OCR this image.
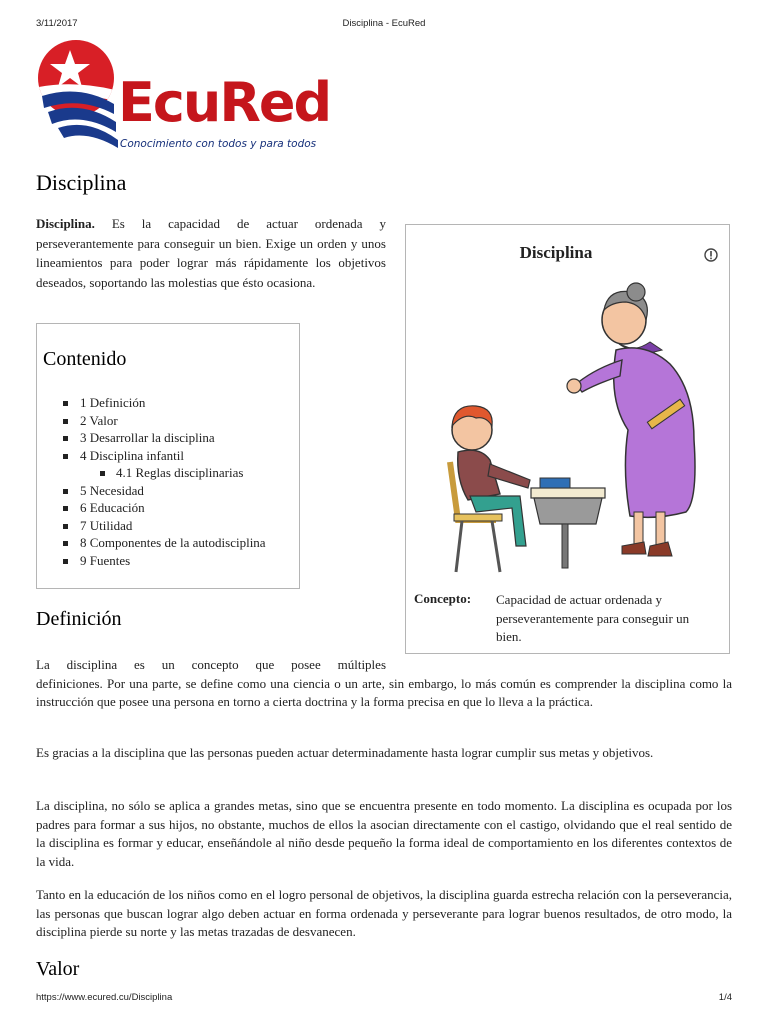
3/11/2017	Disciplina - EcuRed
EcuRed
Conocimiento con todos y para todos
Disciplina
Disciplina. Es la capacidad de actuar ordenada y perseverantemente para conseguir un bien. Exige un orden y unos lineamientos para poder lograr más rápidamente los objetivos deseados, soportando las molestias que ésto ocasiona.
Contenido
1 Definición
2 Valor
3 Desarrollar la disciplina
4 Disciplina infantil
4.1 Reglas disciplinarias
5 Necesidad
6 Educación
7 Utilidad
8 Componentes de la autodisciplina
9 Fuentes
Disciplina
Concepto: Capacidad de actuar ordenada y perseverantemente para conseguir un bien.
Definición
La disciplina es un concepto que posee múltiples
definiciones. Por una parte, se define como una ciencia o un arte, sin embargo, lo más común es comprender la disciplina como la instrucción que posee una persona en torno a cierta doctrina y la forma precisa en que lo lleva a la práctica.
Es gracias a la disciplina que las personas pueden actuar determinadamente hasta lograr cumplir sus metas y objetivos.
La disciplina, no sólo se aplica a grandes metas, sino que se encuentra presente en todo momento. La disciplina es ocupada por los padres para formar a sus hijos, no obstante, muchos de ellos la asocian directamente con el castigo, olvidando que el real sentido de la disciplina es formar y educar, enseñándole al niño desde pequeño la forma ideal de comportamiento en los diferentes contextos de la vida.
Tanto en la educación de los niños como en el logro personal de objetivos, la disciplina guarda estrecha relación con la perseverancia, las personas que buscan lograr algo deben actuar en forma ordenada y perseverante para lograr buenos resultados, de otro modo, la disciplina pierde su norte y las metas trazadas de desvanecen.
Valor
https://www.ecured.cu/Disciplina	1/4
